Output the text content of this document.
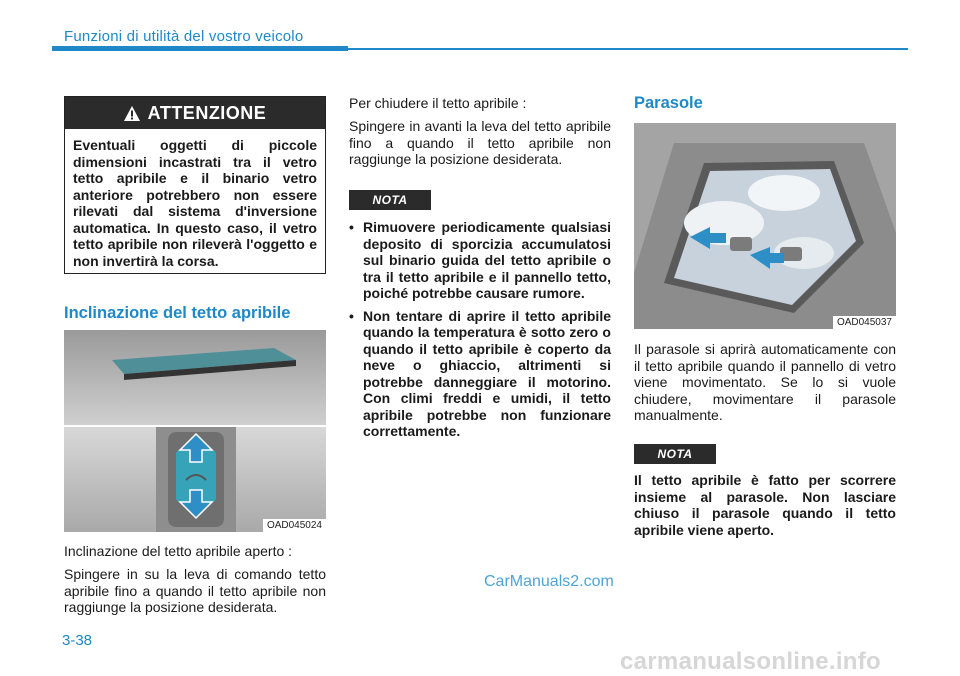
Funzioni di utilità del vostro veicolo
ATTENZIONE
Eventuali oggetti di piccole dimensioni incastrati tra il vetro tetto apribile e il binario vetro anteriore potrebbero non essere rilevati dal sistema d'inversione automatica. In questo caso, il vetro tetto apribile non rileverà l'oggetto e non invertirà la corsa.
Inclinazione del tetto apribile
OAD045024
Inclinazione del tetto apribile aperto :
Spingere in su la leva di comando tetto apribile fino a quando il tetto apribile non raggiunge la posizione desiderata.
Per chiudere il tetto apribile :
Spingere in avanti la leva del tetto apribile fino a quando il tetto apribile non raggiunge la posizione desiderata.
NOTA
• Rimuovere periodicamente qualsiasi deposito di sporcizia accumulatosi sul binario guida del tetto apribile o tra il tetto apribile e il pannello tetto, poiché potrebbe causare rumore.
• Non tentare di aprire il tetto apribile quando la temperatura è sotto zero o quando il tetto apribile è coperto da neve o ghiaccio, altrimenti si potrebbe danneggiare il motorino. Con climi freddi e umidi, il tetto apribile potrebbe non funzionare correttamente.
Parasole
OAD045037
Il parasole si aprirà automaticamente con il tetto apribile quando il pannello di vetro viene movimentato. Se lo si vuole chiudere, movimentare il parasole manualmente.
NOTA
Il tetto apribile è fatto per scorrere insieme al parasole. Non lasciare chiuso il parasole quando il tetto apribile viene aperto.
CarManuals2.com
3-38
carmanualsonline.info
